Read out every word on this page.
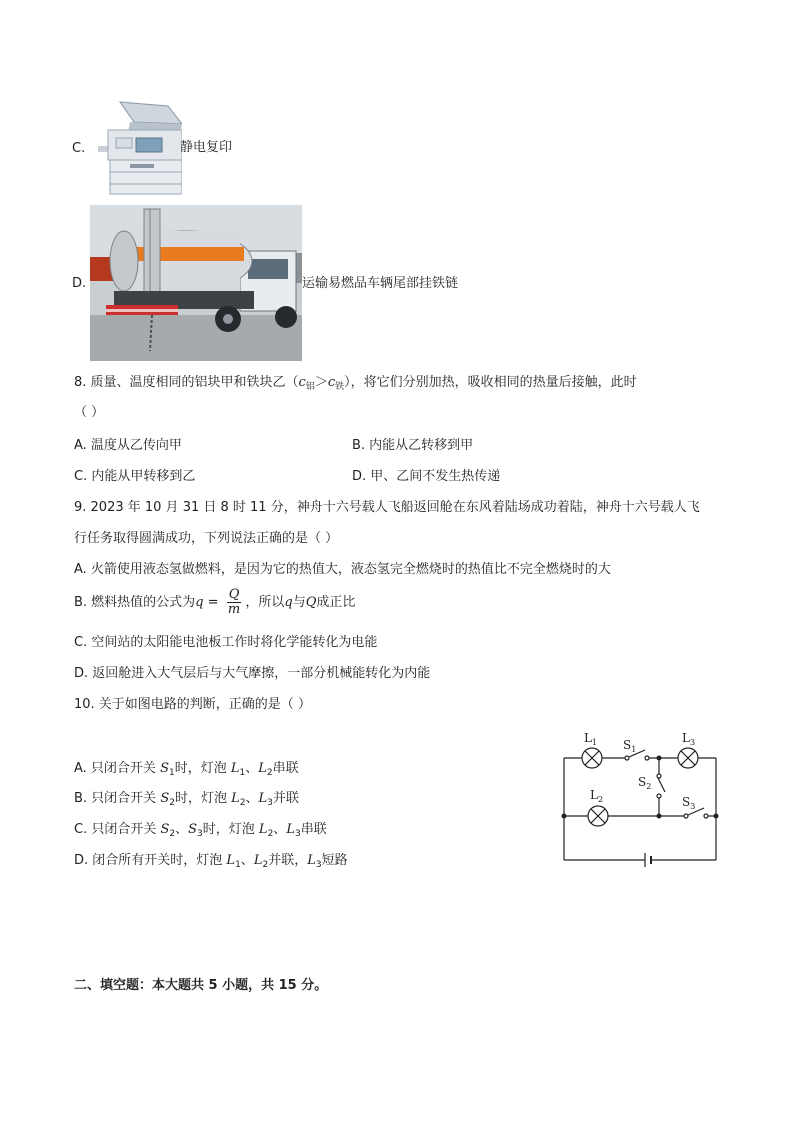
C.	静电复印
D.	运输易燃品车辆尾部挂铁链
8. 质量、温度相同的铝块甲和铁块乙$(c_铝>c_铁)$，将它们分别加热，吸收相同的热量后接触，此时
（ ）
A. 温度从乙传向甲	B. 内能从乙转移到甲
C. 内能从甲转移到乙	D. 甲、乙间不发生热传递
9. 2023 年 10 月 31 日 8 时 11 分，神舟十六号载人飞船返回舱在东风着陆场成功着陆，神舟十六号载人飞
行任务取得圆满成功，下列说法正确的是（ ）
A. 火箭使用液态氢做燃料，是因为它的热值大，液态氢完全燃烧时的热值比不完全燃烧时的大
B. 燃料热值的公式为$q = \frac{Q}{m}$ ，所以q与Q成正比
C. 空间站的太阳能电池板工作时将化学能转化为电能
D. 返回舱进入大气层后与大气摩擦，一部分机械能转化为内能
10. 关于如图电路的判断，正确的是（ ）
A. 只闭合开关 $S_1$时，灯泡 $L_1$、$L_2$串联
B. 只闭合开关 $S_2$时，灯泡 $L_2$、$L_3$并联
C. 只闭合开关 $S_2$、$S_3$时，灯泡 $L_2$、$L_3$串联
D. 闭合所有开关时，灯泡 $L_1$、$L_2$并联，$L_3$短路
$L_1$ $S_1$
$L_3$
$S_2$
$L_2$	$S_3$
二、填空题：本大题共 5 小题，共 15 分。
